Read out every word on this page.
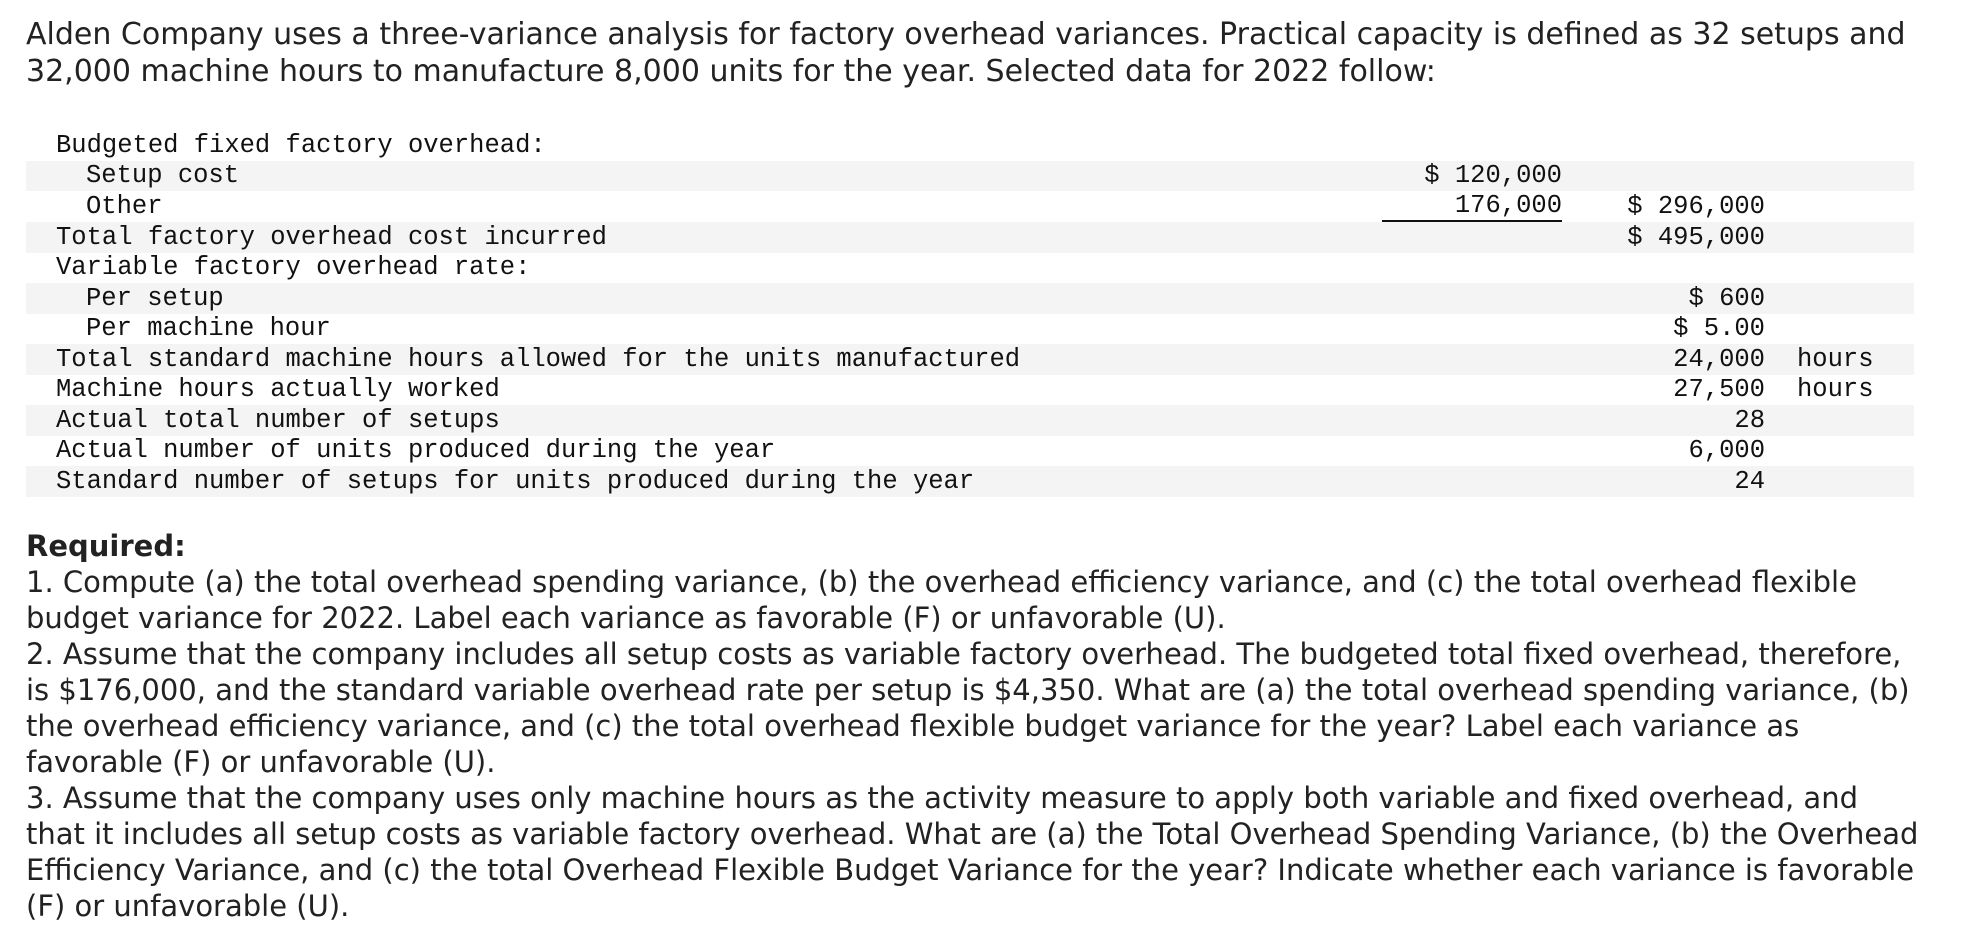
Alden Company uses a three-variance analysis for factory overhead variances. Practical capacity is defined as 32 setups and 32,000 machine hours to manufacture 8,000 units for the year. Selected data for 2022 follow:

Budgeted fixed factory overhead:			
Setup cost	$ 120,000		
Other	176,000	$ 296,000	
Total factory overhead cost incurred		$ 495,000	
Variable factory overhead rate:			
Per setup		$ 600	
Per machine hour		$ 5.00	
Total standard machine hours allowed for the units manufactured		24,000	hours
Machine hours actually worked		27,500	hours
Actual total number of setups		28	
Actual number of units produced during the year		6,000	
Standard number of setups for units produced during the year		24	

Required:

1. Compute (a) the total overhead spending variance, (b) the overhead efficiency variance, and (c) the total overhead flexible budget variance for 2022. Label each variance as favorable (F) or unfavorable (U).

2. Assume that the company includes all setup costs as variable factory overhead. The budgeted total fixed overhead, therefore, is $176,000, and the standard variable overhead rate per setup is $4,350. What are (a) the total overhead spending variance, (b) the overhead efficiency variance, and (c) the total overhead flexible budget variance for the year? Label each variance as favorable (F) or unfavorable (U).

3. Assume that the company uses only machine hours as the activity measure to apply both variable and fixed overhead, and that it includes all setup costs as variable factory overhead. What are (a) the Total Overhead Spending Variance, (b) the Overhead Efficiency Variance, and (c) the total Overhead Flexible Budget Variance for the year? Indicate whether each variance is favorable (F) or unfavorable (U).
